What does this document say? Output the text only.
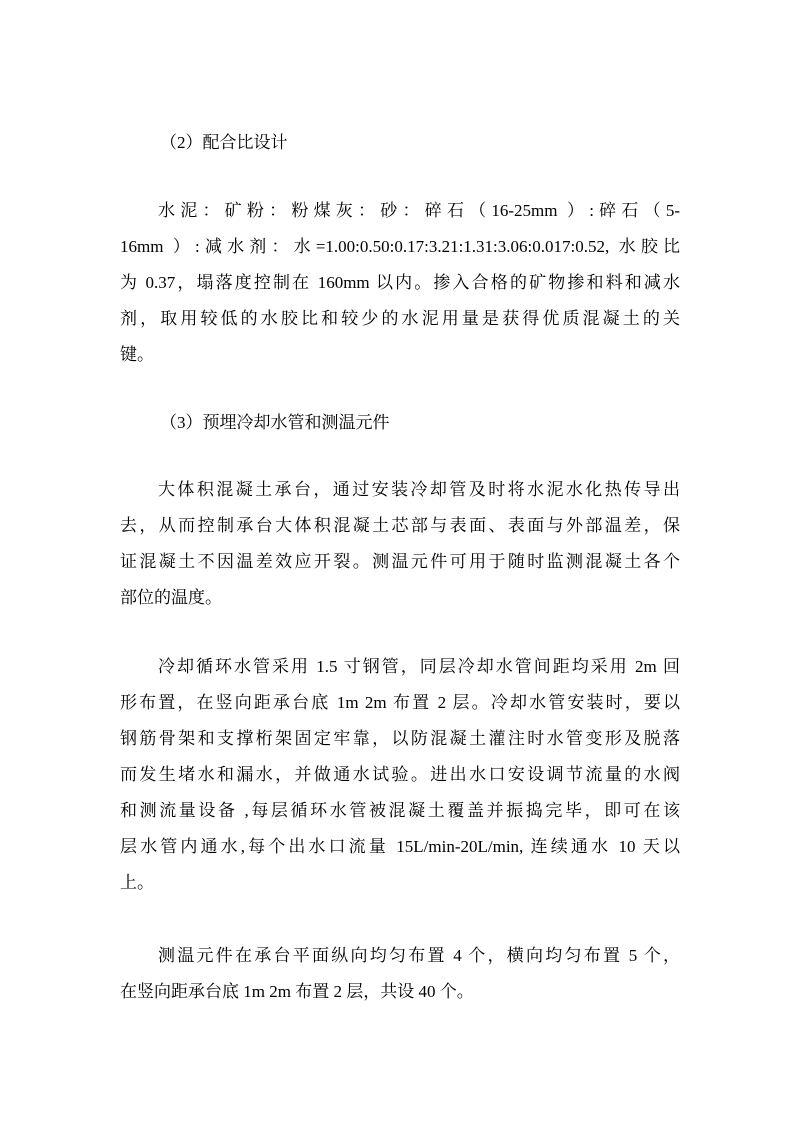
（2）配合比设计
水泥：矿粉：粉煤灰：砂：碎石（16-25mm ）:碎石（5-
16mm ）:减水剂：水=1.00:0.50:0.17:3.21:1.31:3.06:0.017:0.52, 水胶比
为 0.37，塌落度控制在 160mm 以内。掺入合格的矿物掺和料和减水
剂，取用较低的水胶比和较少的水泥用量是获得优质混凝土的关
键。
（3）预埋冷却水管和测温元件
大体积混凝土承台，通过安装冷却管及时将水泥水化热传导出
去，从而控制承台大体积混凝土芯部与表面、表面与外部温差，保
证混凝土不因温差效应开裂。测温元件可用于随时监测混凝土各个
部位的温度。
冷却循环水管采用 1.5 寸钢管，同层冷却水管间距均采用 2m 回
形布置，在竖向距承台底 1m 2m 布置 2 层。冷却水管安装时，要以
钢筋骨架和支撑桁架固定牢靠，以防混凝土灌注时水管变形及脱落
而发生堵水和漏水，并做通水试验。进出水口安设调节流量的水阀
和测流量设备 ,每层循环水管被混凝土覆盖并振捣完毕，即可在该
层水管内通水,每个出水口流量 15L/min-20L/min, 连续通水 10 天以
上。
测温元件在承台平面纵向均匀布置 4 个，横向均匀布置 5 个，
在竖向距承台底 1m 2m 布置 2 层，共设 40 个。
